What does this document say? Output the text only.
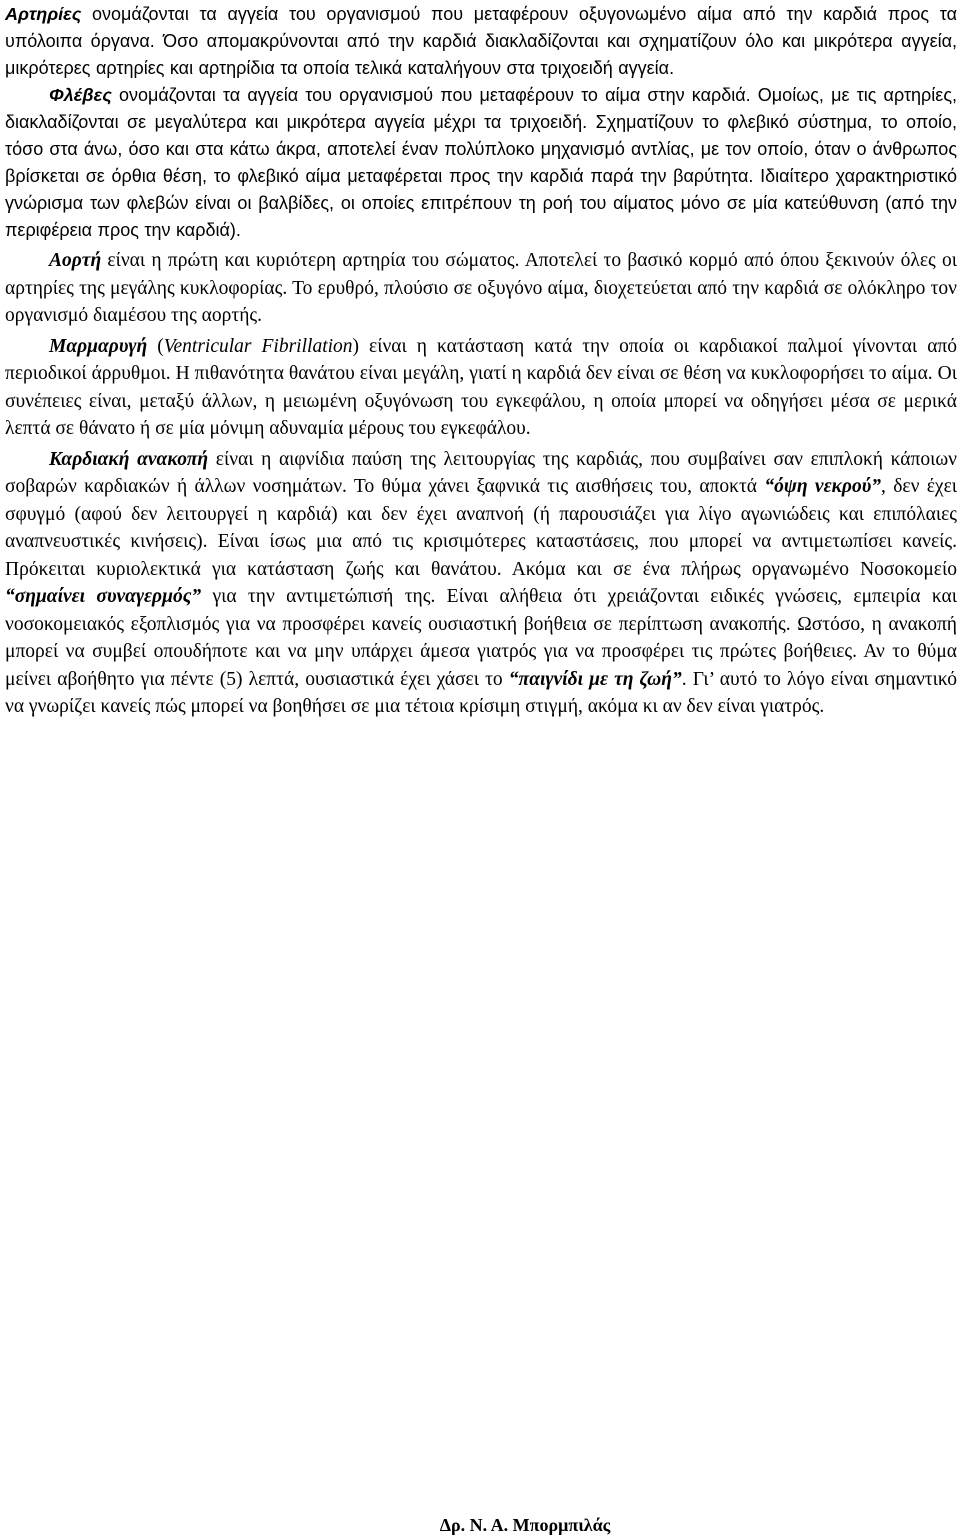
Αρτηρίες ονομάζονται τα αγγεία του οργανισμού που μεταφέρουν οξυγονωμένο αίμα από την καρδιά προς τα υπόλοιπα όργανα. Όσο απομακρύνονται από την καρδιά διακλαδίζονται και σχηματίζουν όλο και μικρότερα αγγεία, μικρότερες αρτηρίες και αρτηρίδια τα οποία τελικά καταλήγουν στα τριχοειδή αγγεία.

Φλέβες ονομάζονται τα αγγεία του οργανισμού που μεταφέρουν το αίμα στην καρδιά. Ομοίως, με τις αρτηρίες, διακλαδίζονται σε μεγαλύτερα και μικρότερα αγγεία μέχρι τα τριχοειδή. Σχηματίζουν το φλεβικό σύστημα, το οποίο, τόσο στα άνω, όσο και στα κάτω άκρα, αποτελεί έναν πολύπλοκο μηχανισμό αντλίας, με τον οποίο, όταν ο άνθρωπος βρίσκεται σε όρθια θέση, το φλεβικό αίμα μεταφέρεται προς την καρδιά παρά την βαρύτητα. Ιδιαίτερο χαρακτηριστικό γνώρισμα των φλεβών είναι οι βαλβίδες, οι οποίες επιτρέπουν τη ροή του αίματος μόνο σε μία κατεύθυνση (από την περιφέρεια προς την καρδιά).

Αορτή είναι η πρώτη και κυριότερη αρτηρία του σώματος. Αποτελεί το βασικό κορμό από όπου ξεκινούν όλες οι αρτηρίες της μεγάλης κυκλοφορίας. Το ερυθρό, πλούσιο σε οξυγόνο αίμα, διοχετεύεται από την καρδιά σε ολόκληρο τον οργανισμό διαμέσου της αορτής.

Μαρμαρυγή (Ventricular Fibrillation) είναι η κατάσταση κατά την οποία οι καρδιακοί παλμοί γίνονται από περιοδικοί άρρυθμοι. Η πιθανότητα θανάτου είναι μεγάλη, γιατί η καρδιά δεν είναι σε θέση να κυκλοφορήσει το αίμα. Οι συνέπειες είναι, μεταξύ άλλων, η μειωμένη οξυγόνωση του εγκεφάλου, η οποία μπορεί να οδηγήσει μέσα σε μερικά λεπτά σε θάνατο ή σε μία μόνιμη αδυναμία μέρους του εγκεφάλου.

Καρδιακή ανακοπή είναι η αιφνίδια παύση της λειτουργίας της καρδιάς, που συμβαίνει σαν επιπλοκή κάποιων σοβαρών καρδιακών ή άλλων νοσημάτων. Το θύμα χάνει ξαφνικά τις αισθήσεις του, αποκτά “όψη νεκρού”, δεν έχει σφυγμό (αφού δεν λειτουργεί η καρδιά) και δεν έχει αναπνοή (ή παρουσιάζει για λίγο αγωνιώδεις και επιπόλαιες αναπνευστικές κινήσεις). Είναι ίσως μια από τις κρισιμότερες καταστάσεις, που μπορεί να αντιμετωπίσει κανείς. Πρόκειται κυριολεκτικά για κατάσταση ζωής και θανάτου. Ακόμα και σε ένα πλήρως οργανωμένο Νοσοκομείο “σημαίνει συναγερμός” για την αντιμετώπισή της. Είναι αλήθεια ότι χρειάζονται ειδικές γνώσεις, εμπειρία και νοσοκομειακός εξοπλισμός για να προσφέρει κανείς ουσιαστική βοήθεια σε περίπτωση ανακοπής. Ωστόσο, η ανακοπή μπορεί να συμβεί οπουδήποτε και να μην υπάρχει άμεσα γιατρός για να προσφέρει τις πρώτες βοήθειες. Αν το θύμα μείνει αβοήθητο για πέντε (5) λεπτά, ουσιαστικά έχει χάσει το “παιγνίδι με τη ζωή”. Γι’ αυτό το λόγο είναι σημαντικό να γνωρίζει κανείς πώς μπορεί να βοηθήσει σε μια τέτοια κρίσιμη στιγμή, ακόμα κι αν δεν είναι γιατρός.

Δρ. Ν. Α. Μπορμπιλάς
